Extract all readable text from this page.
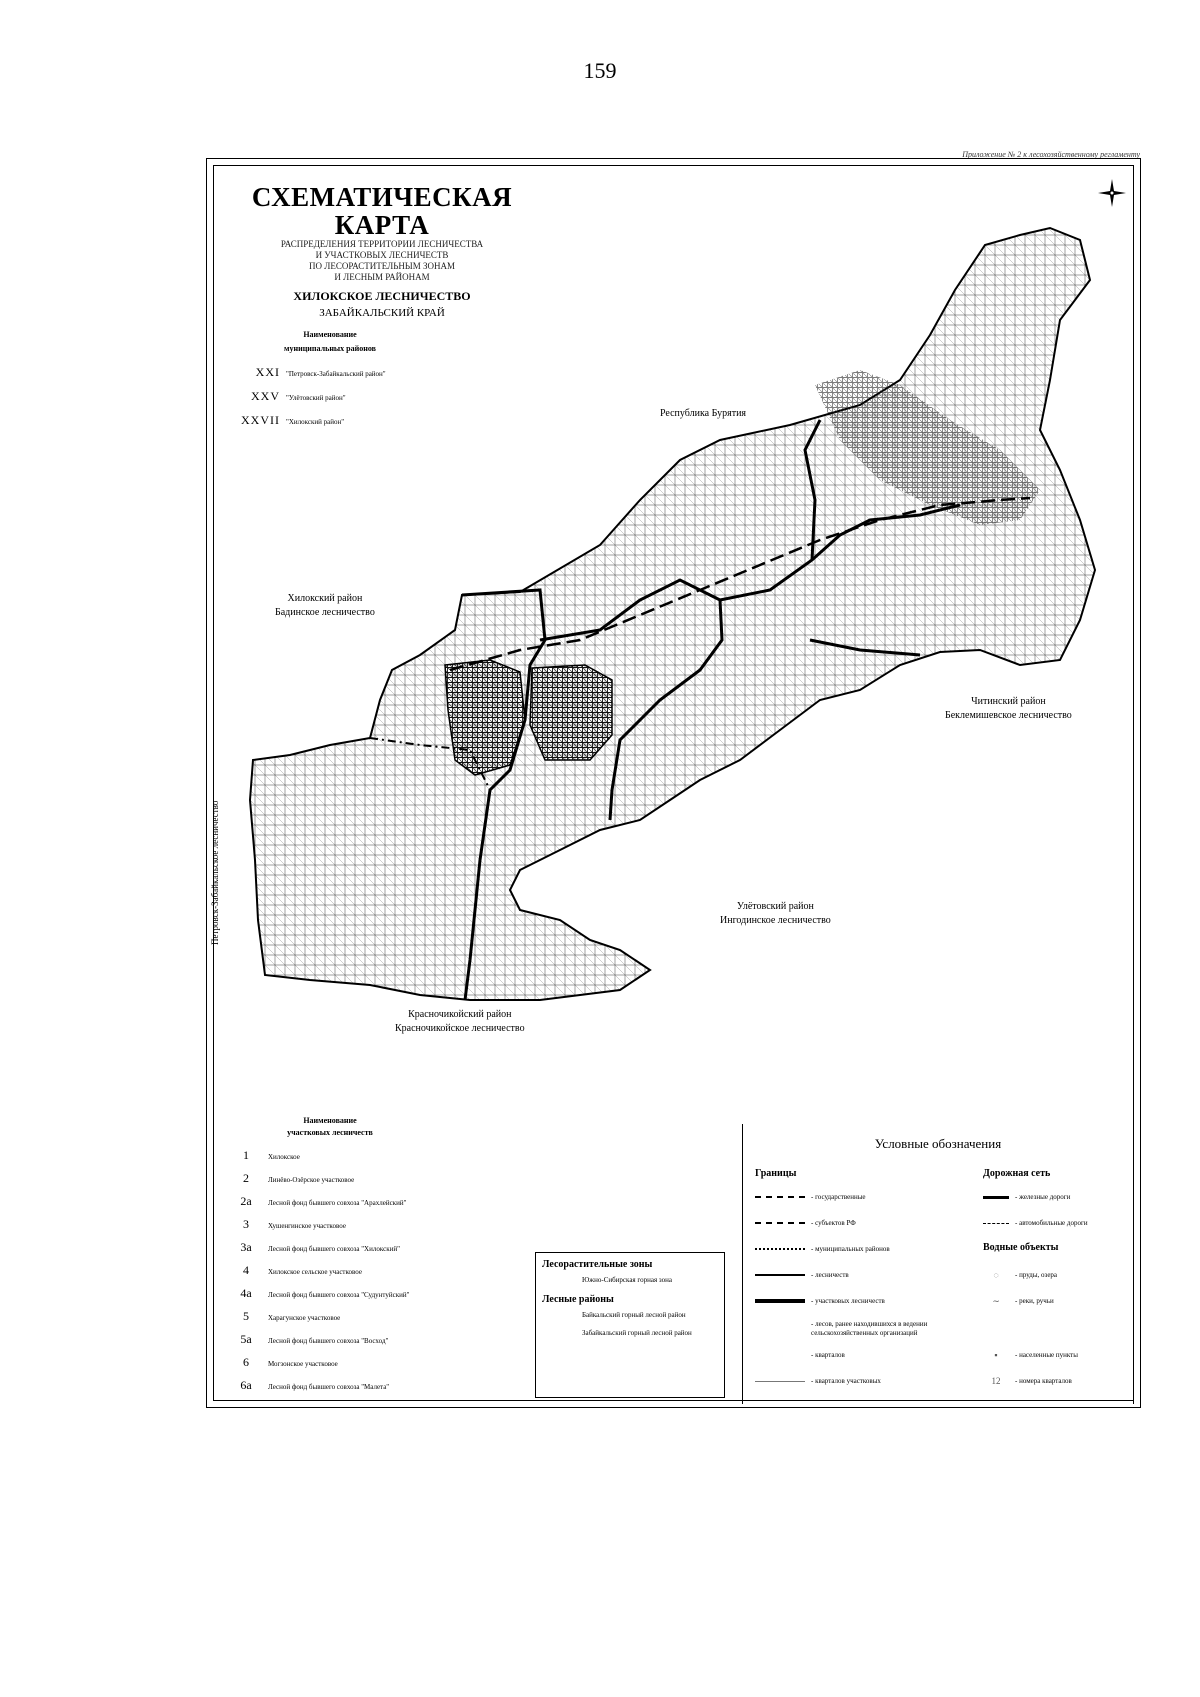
159
Приложение № 2 к лесохозяйственному регламенту
СХЕМАТИЧЕСКАЯ КАРТА
РАСПРЕДЕЛЕНИЯ ТЕРРИТОРИИ ЛЕСНИЧЕСТВА
И УЧАСТКОВЫХ ЛЕСНИЧЕСТВ
ПО ЛЕСОРАСТИТЕЛЬНЫМ ЗОНАМ
И ЛЕСНЫМ РАЙОНАМ
ХИЛОКСКОЕ ЛЕСНИЧЕСТВО
ЗАБАЙКАЛЬСКИЙ КРАЙ
Наименование
муниципальных районов
XXI "Петровск-Забайкальский район"
XXV "Улётовский район"
XXVII "Хилокский район"
Республика Бурятия
Хилокский район
Бадинское лесничество
Читинский район
Беклемишевское лесничество
Улётовский район
Ингодинское лесничество
Красночикойский район
Красночикойское лесничество
Петровск-Забайкальское лесничество
Наименование
участковых лесничеств
1	Хилокское
2	Линёво-Озёрское участковое
2а	Лесной фонд бывшего совхоза "Арахлейский"
3	Хушенгинское участковое
3а	Лесной фонд бывшего совхоза "Хилокский"
4	Хилокское сельское участковое
4а	Лесной фонд бывшего совхоза "Судунтуйский"
5	Харагунское участковое
5а	Лесной фонд бывшего совхоза "Восход"
6	Могзонское участковое
6а	Лесной фонд бывшего совхоза "Малета"
Лесорастительные зоны
Южно-Сибирская горная зона
Лесные районы
Байкальский горный лесной район
Забайкальский горный лесной район
Условные обозначения
Границы	Дорожная сеть
Водные объекты
- государственные
- субъектов РФ
- муниципальных районов
- лесничеств
- участковых лесничеств
- лесов, ранее находившихся в ведении сельскохозяйственных организаций
- кварталов
- кварталов участковых
- железные дороги
- автомобильные дороги
◌	- пруды, озера
∼	- реки, ручьи
▪	- населенные пункты
12	- номера кварталов
